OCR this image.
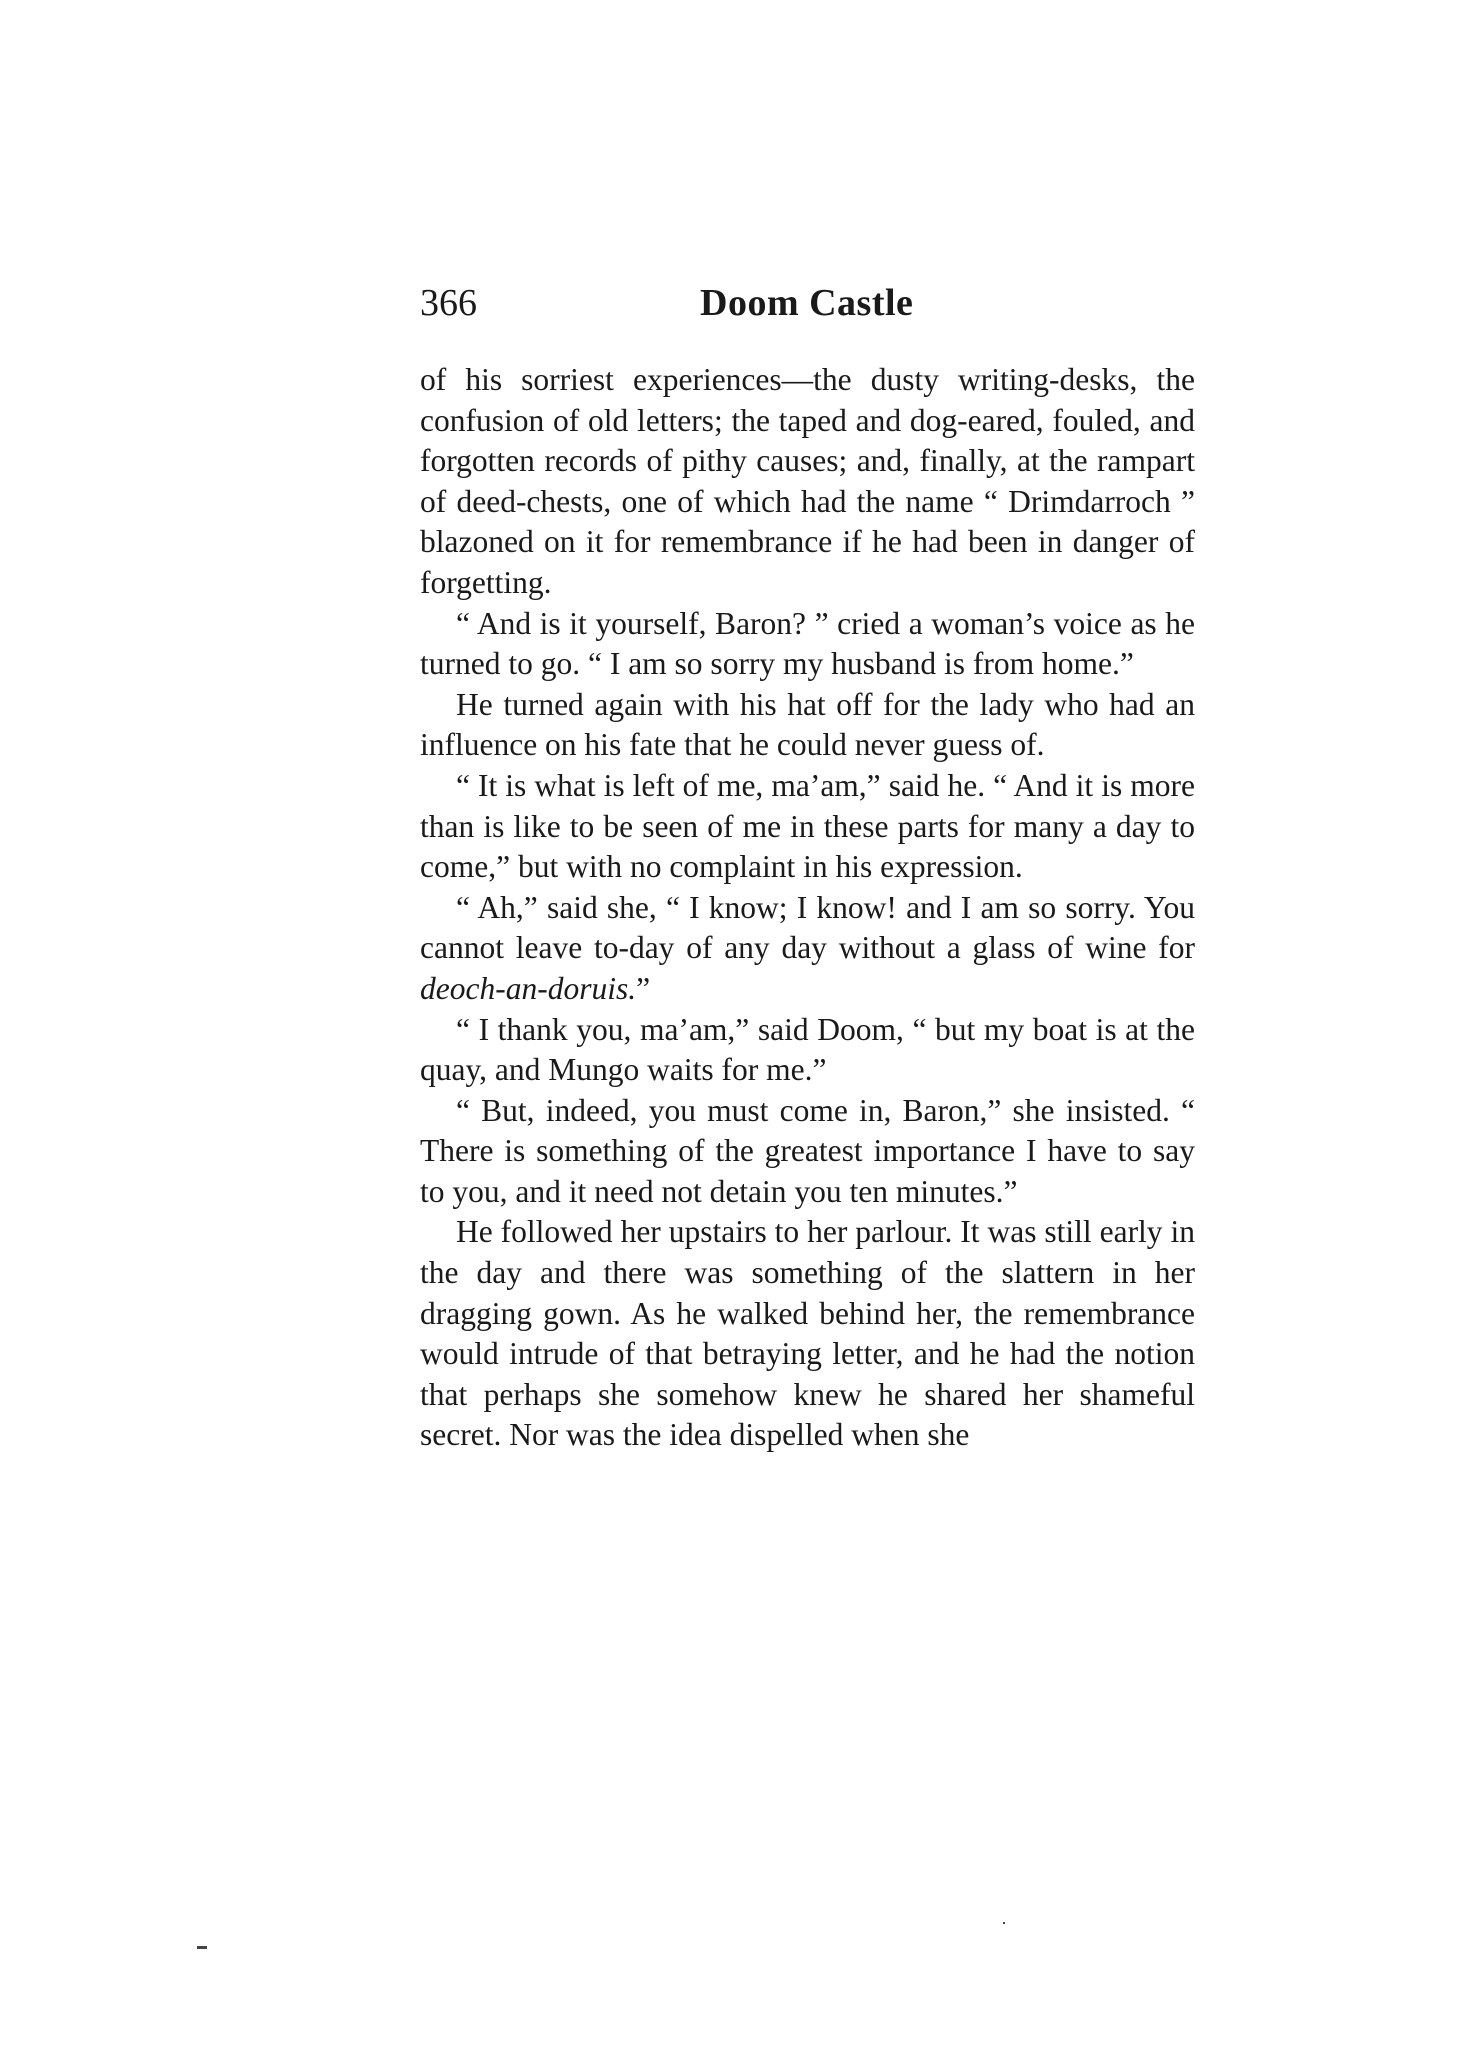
366	Doom Castle

of his sorriest experiences—the dusty writing-desks, the confusion of old letters; the taped and dog-eared, fouled, and forgotten records of pithy causes; and, finally, at the rampart of deed-chests, one of which had the name “ Drimdarroch ” blazoned on it for remembrance if he had been in danger of forgetting.

“ And is it yourself, Baron? ” cried a woman’s voice as he turned to go. “ I am so sorry my husband is from home.”

He turned again with his hat off for the lady who had an influence on his fate that he could never guess of.

“ It is what is left of me, ma’am,” said he. “ And it is more than is like to be seen of me in these parts for many a day to come,” but with no complaint in his expression.

“ Ah,” said she, “ I know; I know! and I am so sorry. You cannot leave to-day of any day without a glass of wine for deoch-an-doruis.”

“ I thank you, ma’am,” said Doom, “ but my boat is at the quay, and Mungo waits for me.”

“ But, indeed, you must come in, Baron,” she insisted. “ There is something of the greatest importance I have to say to you, and it need not detain you ten minutes.”

He followed her upstairs to her parlour. It was still early in the day and there was something of the slattern in her dragging gown. As he walked behind her, the remembrance would intrude of that betraying letter, and he had the notion that perhaps she somehow knew he shared her shameful secret. Nor was the idea dispelled when she
